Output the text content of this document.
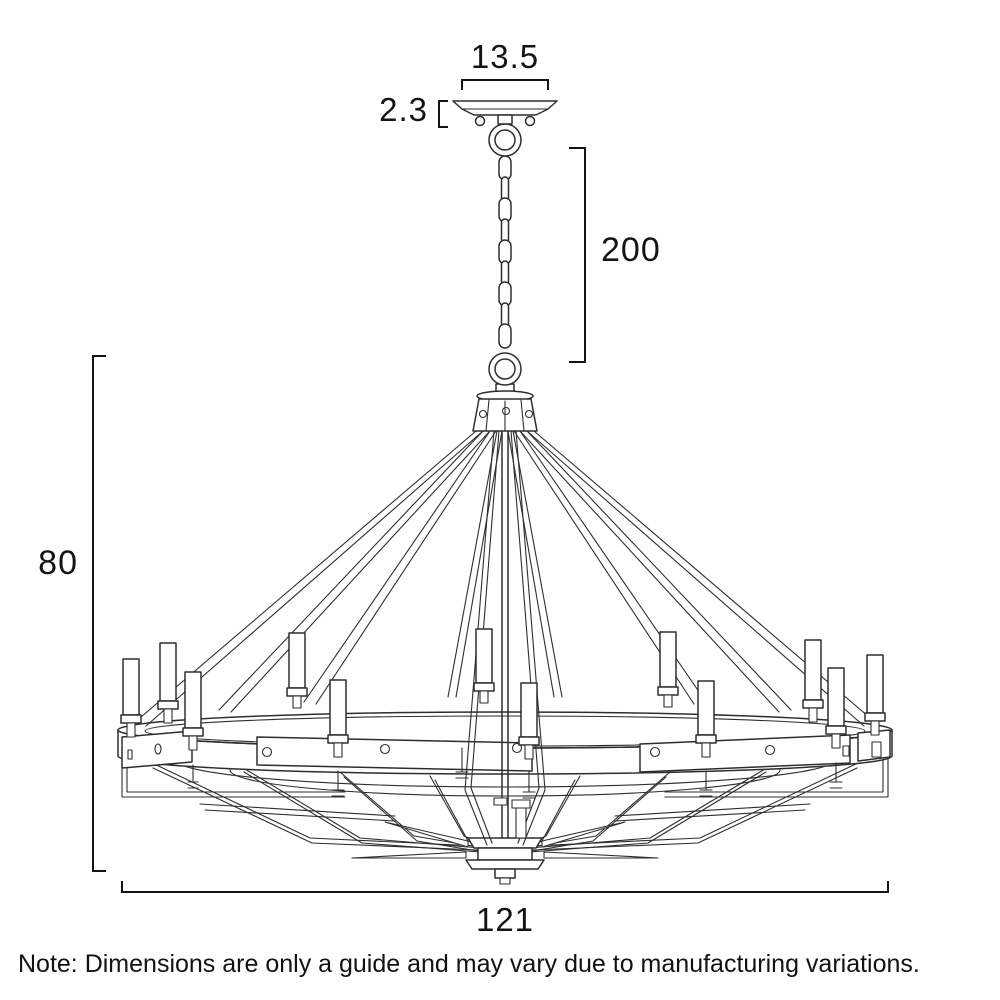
13.5
2.3
200
80
121
Note: Dimensions are only a guide and may vary due to manufacturing variations.
